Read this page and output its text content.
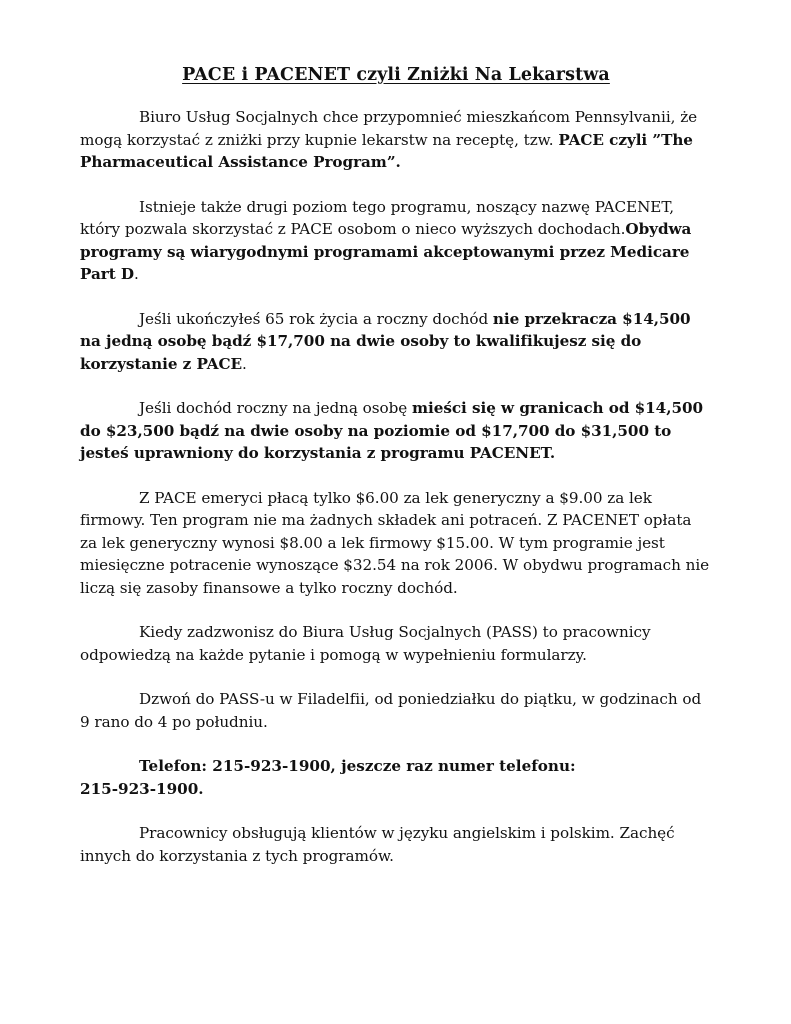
PACE i PACENET czyli Zniżki Na Lekarstwa

Biuro Usług Socjalnych chce przypomnieć mieszkańcom Pennsylvanii, że mogą korzystać z zniżki przy kupnie lekarstw na receptę, tzw. PACE czyli ”The Pharmaceutical Assistance Program”.

Istnieje także drugi poziom tego programu, noszący nazwę PACENET, który pozwala skorzystać z PACE osobom o nieco wyższych dochodach.Obydwa programy są wiarygodnymi programami akceptowanymi przez Medicare Part D.

Jeśli ukończyłeś 65 rok życia a roczny dochód nie przekracza $14,500 na jedną osobę bądź $17,700 na dwie osoby to kwalifikujesz się do korzystanie z PACE.

Jeśli dochód roczny na jedną osobę mieści się w granicach od $14,500 do $23,500 bądź na dwie osoby na poziomie od $17,700 do $31,500 to jesteś uprawniony do korzystania z programu PACENET.

Z PACE emeryci płacą tylko $6.00 za lek generyczny a $9.00 za lek firmowy. Ten program nie ma żadnych składek ani potraceń. Z PACENET opłata za lek generyczny wynosi $8.00 a lek firmowy $15.00. W tym programie jest miesięczne potracenie wynoszące $32.54 na rok 2006. W obydwu programach nie liczą się zasoby finansowe a tylko roczny dochód.

Kiedy zadzwonisz do Biura Usług Socjalnych (PASS) to pracownicy odpowiedzą na każde pytanie i pomogą w wypełnieniu formularzy.

Dzwoń do PASS-u w Filadelfii, od poniedziałku do piątku, w godzinach od 9 rano do 4 po południu.

Telefon: 215-923-1900, jeszcze raz numer telefonu:
215-923-1900.

Pracownicy obsługują klientów w języku angielskim i polskim. Zachęć innych do korzystania z tych programów.
